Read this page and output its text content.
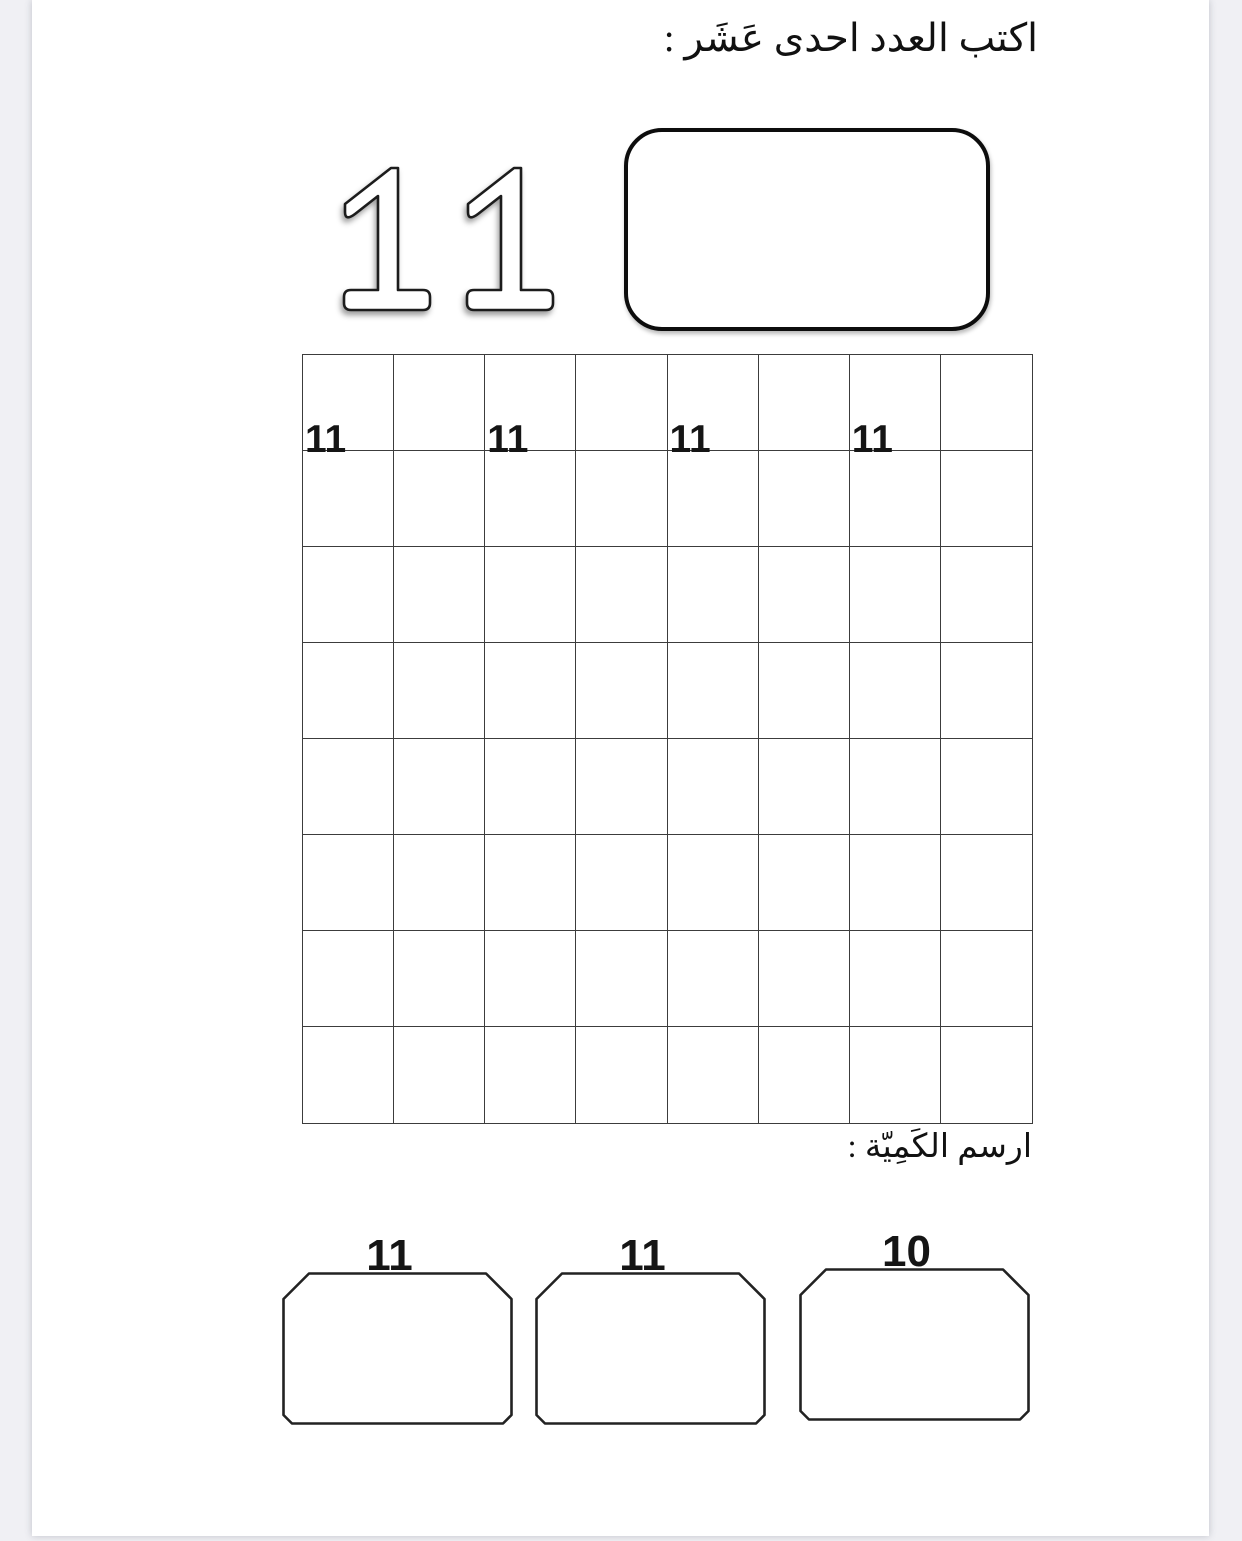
اكتب العدد احدى عَشَر :
11	11	11	11
ارسم الكَمِيّة :
11	11	10
